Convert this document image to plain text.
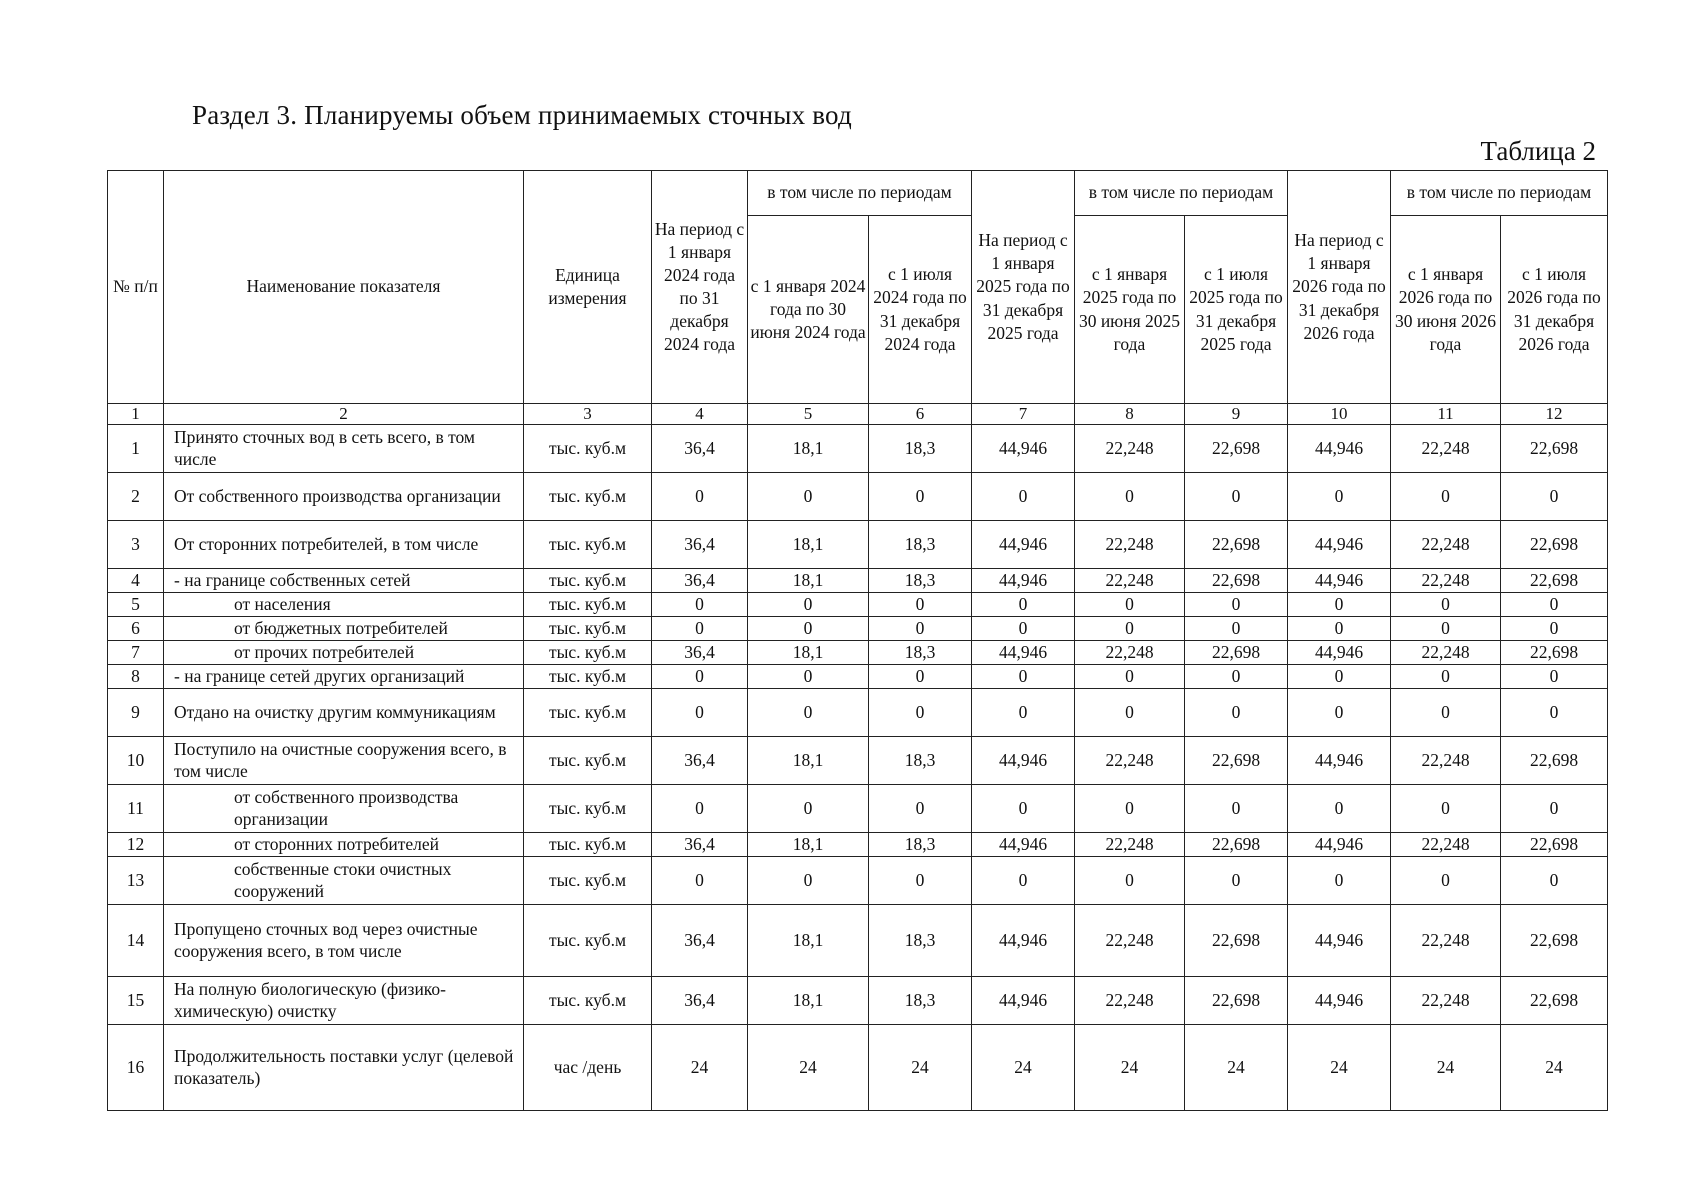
Раздел 3. Планируемы объем принимаемых сточных вод
Таблица 2
№ п/п	Наименование показателя	Единица измерения	На период с 1 января 2024 года по 31 декабря 2024 года	в том числе по периодам		На период с 1 января 2025 года по 31 декабря 2025 года	в том числе по периодам		На период с 1 января 2026 года по 31 декабря 2026 года	в том числе по периодам	
				с 1 января 2024 года по 30 июня 2024 года	с 1 июля 2024 года по 31 декабря 2024 года		с 1 января 2025 года по 30 июня 2025 года	с 1 июля 2025 года по 31 декабря 2025 года		с 1 января 2026 года по 30 июня 2026 года	с 1 июля 2026 года по 31 декабря 2026 года
1	2	3	4	5	6	7	8	9	10	11	12
1	Принято сточных вод в сеть всего, в том числе	тыс. куб.м	36,4	18,1	18,3	44,946	22,248	22,698	44,946	22,248	22,698
2	От собственного производства организации	тыс. куб.м	0	0	0	0	0	0	0	0	0
3	От сторонних потребителей, в том числе	тыс. куб.м	36,4	18,1	18,3	44,946	22,248	22,698	44,946	22,248	22,698
4	- на границе собственных сетей	тыс. куб.м	36,4	18,1	18,3	44,946	22,248	22,698	44,946	22,248	22,698
5	от населения	тыс. куб.м	0	0	0	0	0	0	0	0	0
6	от бюджетных потребителей	тыс. куб.м	0	0	0	0	0	0	0	0	0
7	от прочих потребителей	тыс. куб.м	36,4	18,1	18,3	44,946	22,248	22,698	44,946	22,248	22,698
8	- на границе сетей других организаций	тыс. куб.м	0	0	0	0	0	0	0	0	0
9	Отдано на очистку другим коммуникациям	тыс. куб.м	0	0	0	0	0	0	0	0	0
10	Поступило на очистные сооружения всего, в том числе	тыс. куб.м	36,4	18,1	18,3	44,946	22,248	22,698	44,946	22,248	22,698
11	от собственного производства организации	тыс. куб.м	0	0	0	0	0	0	0	0	0
12	от сторонних потребителей	тыс. куб.м	36,4	18,1	18,3	44,946	22,248	22,698	44,946	22,248	22,698
13	собственные стоки очистных сооружений	тыс. куб.м	0	0	0	0	0	0	0	0	0
14	Пропущено сточных вод через очистные сооружения всего, в том числе	тыс. куб.м	36,4	18,1	18,3	44,946	22,248	22,698	44,946	22,248	22,698
15	На полную биологическую (физико-химическую) очистку	тыс. куб.м	36,4	18,1	18,3	44,946	22,248	22,698	44,946	22,248	22,698
16	Продолжительность поставки услуг (целевой показатель)	час /день	24	24	24	24	24	24	24	24	24
